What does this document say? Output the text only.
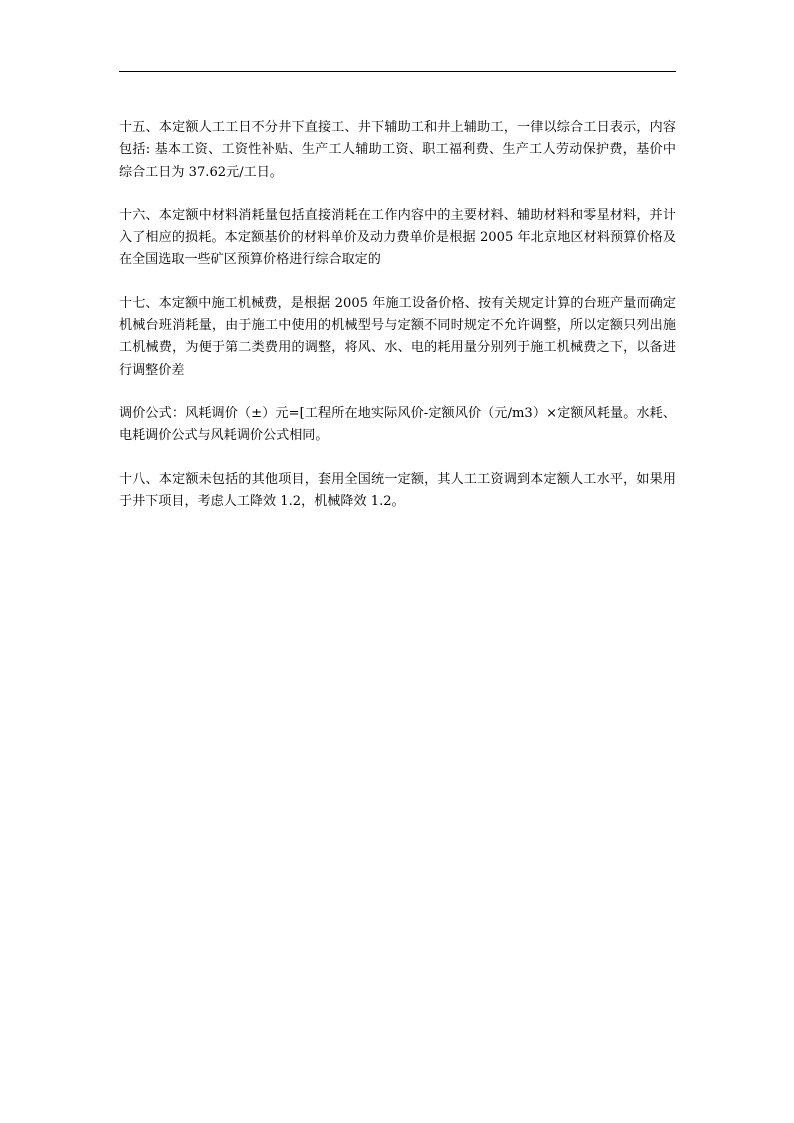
十五、本定额人工工日不分井下直接工、井下辅助工和井上辅助工，一律以综合工日表示，内容包括: 基本工资、工资性补贴、生产工人辅助工资、职工福利费、生产工人劳动保护费，基价中综合工日为 37.62元/工日。

十六、本定额中材料消耗量包括直接消耗在工作内容中的主要材料、辅助材料和零星材料，并计入了相应的损耗。本定额基价的材料单价及动力费单价是根据 2005 年北京地区材料预算价格及在全国选取一些矿区预算价格进行综合取定的

十七、本定额中施工机械费，是根据 2005 年施工设备价格、按有关规定计算的台班产量而确定机械台班消耗量，由于施工中使用的机械型号与定额不同时规定不允许调整，所以定额只列出施工机械费，为便于第二类费用的调整，将风、水、电的耗用量分别列于施工机械费之下，以备进行调整价差

调价公式：风耗调价（±）元=[工程所在地实际风价-定额风价（元/m3）×定额风耗量。水耗、电耗调价公式与风耗调价公式相同。

十八、本定额未包括的其他项目，套用全国统一定额，其人工工资调到本定额人工水平，如果用于井下项目，考虑人工降效 1.2，机械降效 1.2。
